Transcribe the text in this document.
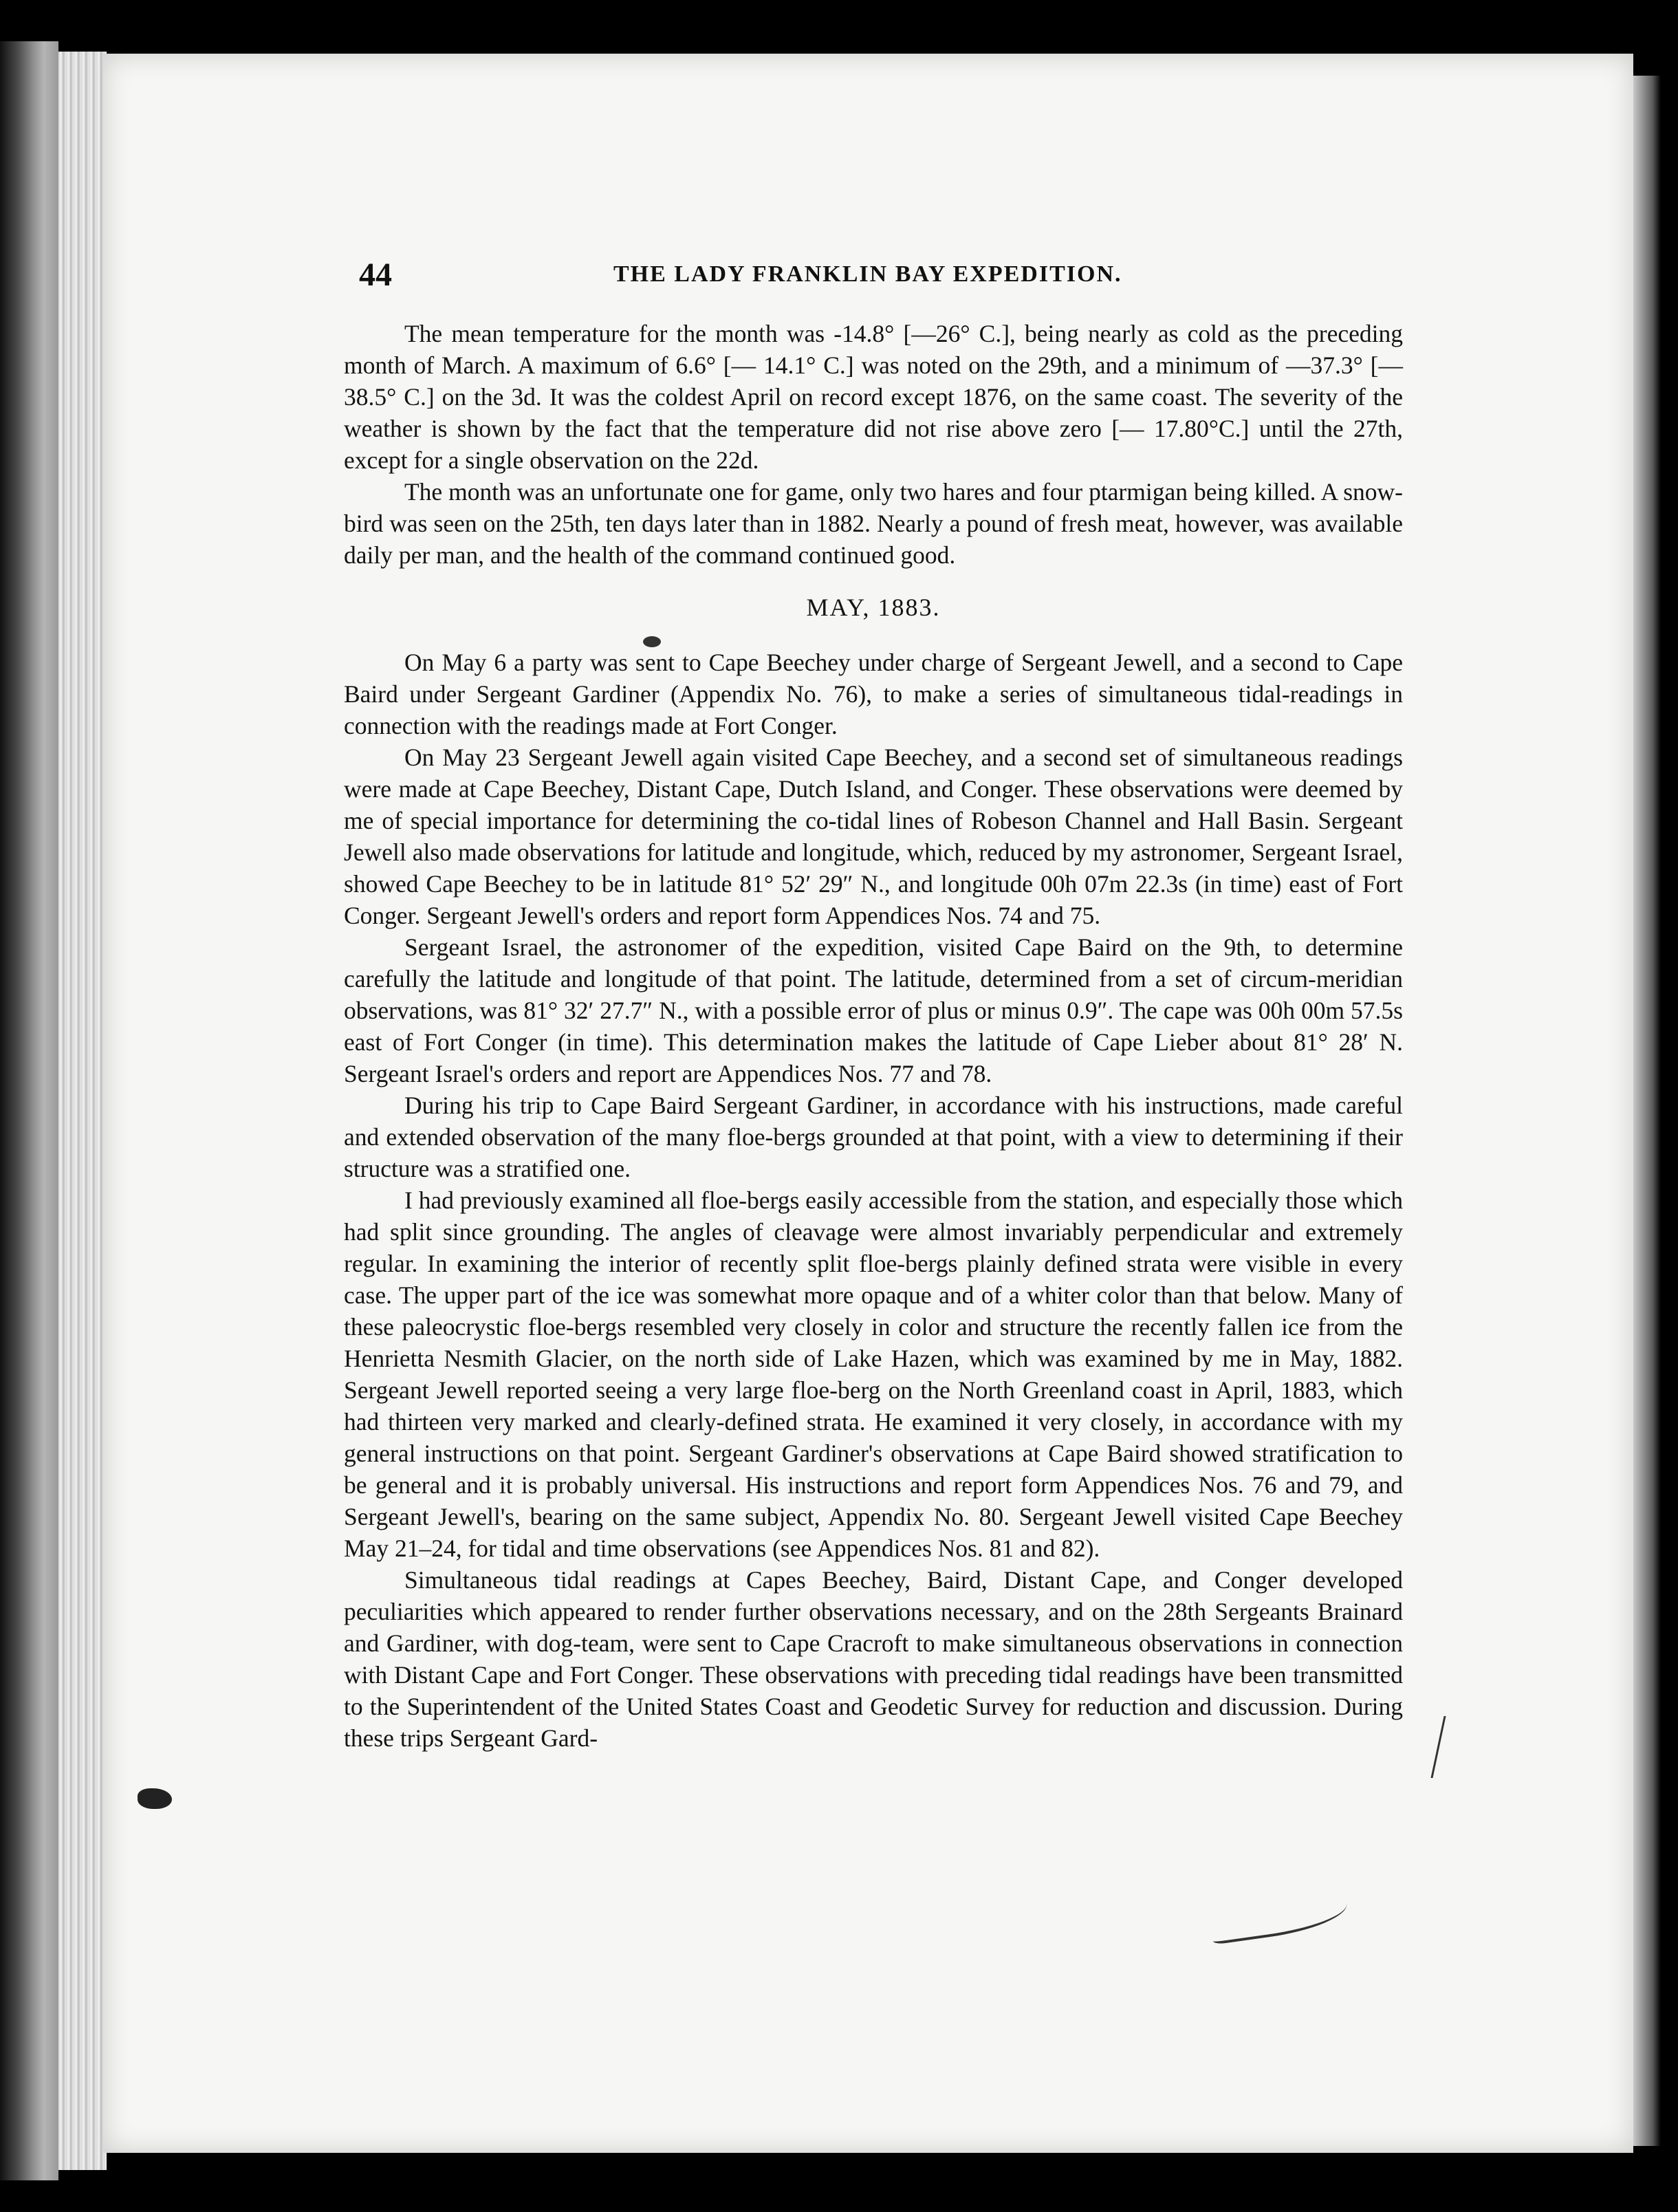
44	THE LADY FRANKLIN BAY EXPEDITION.

The mean temperature for the month was -14.8° [—26° C.], being nearly as cold as the preceding month of March. A maximum of 6.6° [— 14.1° C.] was noted on the 29th, and a minimum of —37.3° [— 38.5° C.] on the 3d. It was the coldest April on record except 1876, on the same coast. The severity of the weather is shown by the fact that the temperature did not rise above zero [— 17.80°C.] until the 27th, except for a single observation on the 22d.

The month was an unfortunate one for game, only two hares and four ptarmigan being killed. A snow-bird was seen on the 25th, ten days later than in 1882. Nearly a pound of fresh meat, however, was available daily per man, and the health of the command continued good.

MAY, 1883.

On May 6 a party was sent to Cape Beechey under charge of Sergeant Jewell, and a second to Cape Baird under Sergeant Gardiner (Appendix No. 76), to make a series of simultaneous tidal-readings in connection with the readings made at Fort Conger.

On May 23 Sergeant Jewell again visited Cape Beechey, and a second set of simultaneous readings were made at Cape Beechey, Distant Cape, Dutch Island, and Conger. These observations were deemed by me of special importance for determining the co-tidal lines of Robeson Channel and Hall Basin. Sergeant Jewell also made observations for latitude and longitude, which, reduced by my astronomer, Sergeant Israel, showed Cape Beechey to be in latitude 81° 52′ 29″ N., and longitude 00h 07m 22.3s (in time) east of Fort Conger. Sergeant Jewell's orders and report form Appendices Nos. 74 and 75.

Sergeant Israel, the astronomer of the expedition, visited Cape Baird on the 9th, to determine carefully the latitude and longitude of that point. The latitude, determined from a set of circum-meridian observations, was 81° 32′ 27.7″ N., with a possible error of plus or minus 0.9″. The cape was 00h 00m 57.5s east of Fort Conger (in time). This determination makes the latitude of Cape Lieber about 81° 28′ N. Sergeant Israel's orders and report are Appendices Nos. 77 and 78.

During his trip to Cape Baird Sergeant Gardiner, in accordance with his instructions, made careful and extended observation of the many floe-bergs grounded at that point, with a view to determining if their structure was a stratified one.

I had previously examined all floe-bergs easily accessible from the station, and especially those which had split since grounding. The angles of cleavage were almost invariably perpendicular and extremely regular. In examining the interior of recently split floe-bergs plainly defined strata were visible in every case. The upper part of the ice was somewhat more opaque and of a whiter color than that below. Many of these paleocrystic floe-bergs resembled very closely in color and structure the recently fallen ice from the Henrietta Nesmith Glacier, on the north side of Lake Hazen, which was examined by me in May, 1882. Sergeant Jewell reported seeing a very large floe-berg on the North Greenland coast in April, 1883, which had thirteen very marked and clearly-defined strata. He examined it very closely, in accordance with my general instructions on that point. Sergeant Gardiner's observations at Cape Baird showed stratification to be general and it is probably universal. His instructions and report form Appendices Nos. 76 and 79, and Sergeant Jewell's, bearing on the same subject, Appendix No. 80. Sergeant Jewell visited Cape Beechey May 21–24, for tidal and time observations (see Appendices Nos. 81 and 82).

Simultaneous tidal readings at Capes Beechey, Baird, Distant Cape, and Conger developed peculiarities which appeared to render further observations necessary, and on the 28th Sergeants Brainard and Gardiner, with dog-team, were sent to Cape Cracroft to make simultaneous observations in connection with Distant Cape and Fort Conger. These observations with preceding tidal readings have been transmitted to the Superintendent of the United States Coast and Geodetic Survey for reduction and discussion. During these trips Sergeant Gard-
